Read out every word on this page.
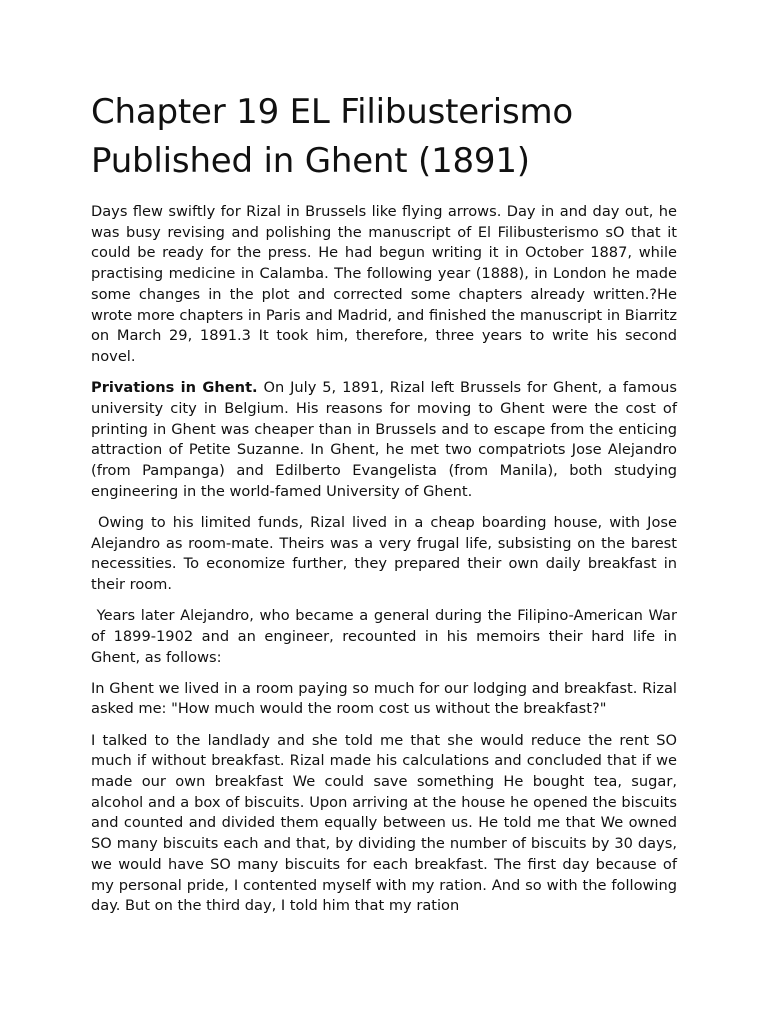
Chapter 19 EL Filibusterismo Published in Ghent (1891)

Days flew swiftly for Rizal in Brussels like flying arrows. Day in and day out, he was busy revising and polishing the manuscript of El Filibusterismo sO that it could be ready for the press. He had begun writing it in October 1887, while practising medicine in Calamba. The following year (1888), in London he made some changes in the plot and corrected some chapters already written.?He wrote more chapters in Paris and Madrid, and finished the manuscript in Biarritz on March 29, 1891.3 It took him, therefore, three years to write his second novel.

Privations in Ghent. On July 5, 1891, Rizal left Brussels for Ghent, a famous university city in Belgium. His reasons for moving to Ghent were the cost of printing in Ghent was cheaper than in Brussels and to escape from the enticing attraction of Petite Suzanne. In Ghent, he met two compatriots Jose Alejandro (from Pampanga) and Edilberto Evangelista (from Manila), both studying engineering in the world-famed University of Ghent.

Owing to his limited funds, Rizal lived in a cheap boarding house, with Jose Alejandro as room-mate. Theirs was a very frugal life, subsisting on the barest necessities. To economize further, they prepared their own daily breakfast in their room.

Years later Alejandro, who became a general during the Filipino-American War of 1899-1902 and an engineer, recounted in his memoirs their hard life in Ghent, as follows:

In Ghent we lived in a room paying so much for our lodging and breakfast. Rizal asked me: "How much would the room cost us without the breakfast?"

I talked to the landlady and she told me that she would reduce the rent SO much if without breakfast. Rizal made his calculations and concluded that if we made our own breakfast We could save something He bought tea, sugar, alcohol and a box of biscuits. Upon arriving at the house he opened the biscuits and counted and divided them equally between us. He told me that We owned SO many biscuits each and that, by dividing the number of biscuits by 30 days, we would have SO many biscuits for each breakfast. The first day because of my personal pride, I contented myself with my ration. And so with the following day. But on the third day, I told him that my ration
